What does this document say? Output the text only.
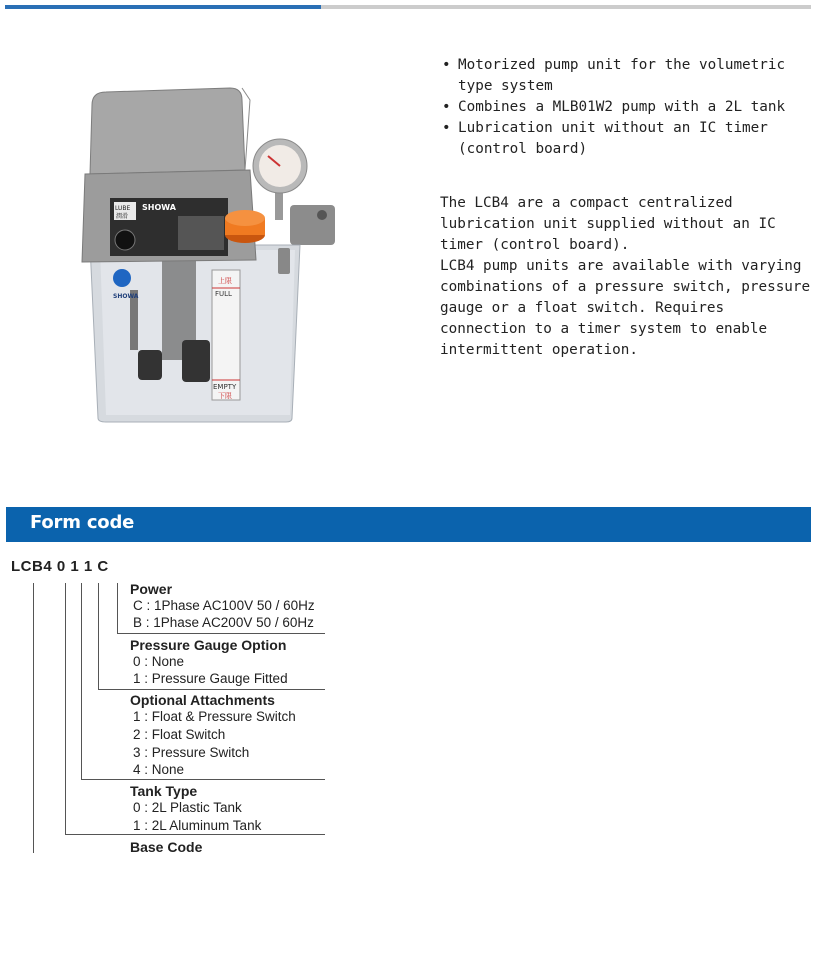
上限
FULL
EMPTY
下限
LUBE
潤滑
SHOWA
SHOWA
• Motorized pump unit for the volumetric type system
• Combines a MLB01W2 pump with a 2L tank
• Lubrication unit without an IC timer (control board)

The LCB4 are a compact centralized lubrication unit supplied without an IC timer (control board).

LCB4 pump units are available with varying combinations of a pressure switch, pressure gauge or a float switch. Requires connection to a timer system to enable intermittent operation.

Form code
LCB4 0 1 1 C
Power
C : 1Phase AC100V 50 / 60Hz
B : 1Phase AC200V 50 / 60Hz
Pressure Gauge Option
0 : None
1 : Pressure Gauge Fitted
Optional Attachments
1 : Float & Pressure Switch
2 : Float Switch
3 : Pressure Switch
4 : None
Tank Type
0 : 2L Plastic Tank
1 : 2L Aluminum Tank
Base Code
